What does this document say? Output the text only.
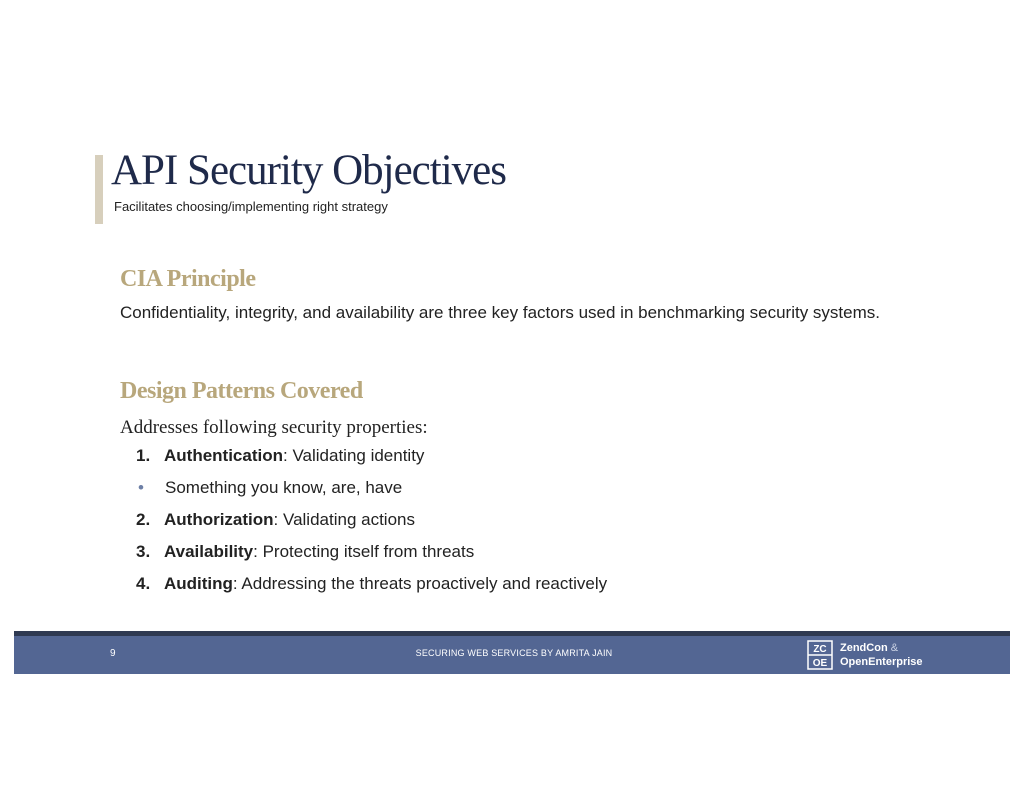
API Security Objectives
Facilitates choosing/implementing right strategy
CIA Principle

Confidentiality, integrity, and availability are three key factors used in benchmarking security systems.

Design Patterns Covered
Addresses following security properties:
1. Authentication: Validating identity
• Something you know, are, have
2. Authorization: Validating actions
3. Availability: Protecting itself from threats
4. Auditing: Addressing the threats proactively and reactively
9	SECURING WEB SERVICES BY AMRITA JAIN	ZC
OE
ZendCon &
OpenEnterprise
